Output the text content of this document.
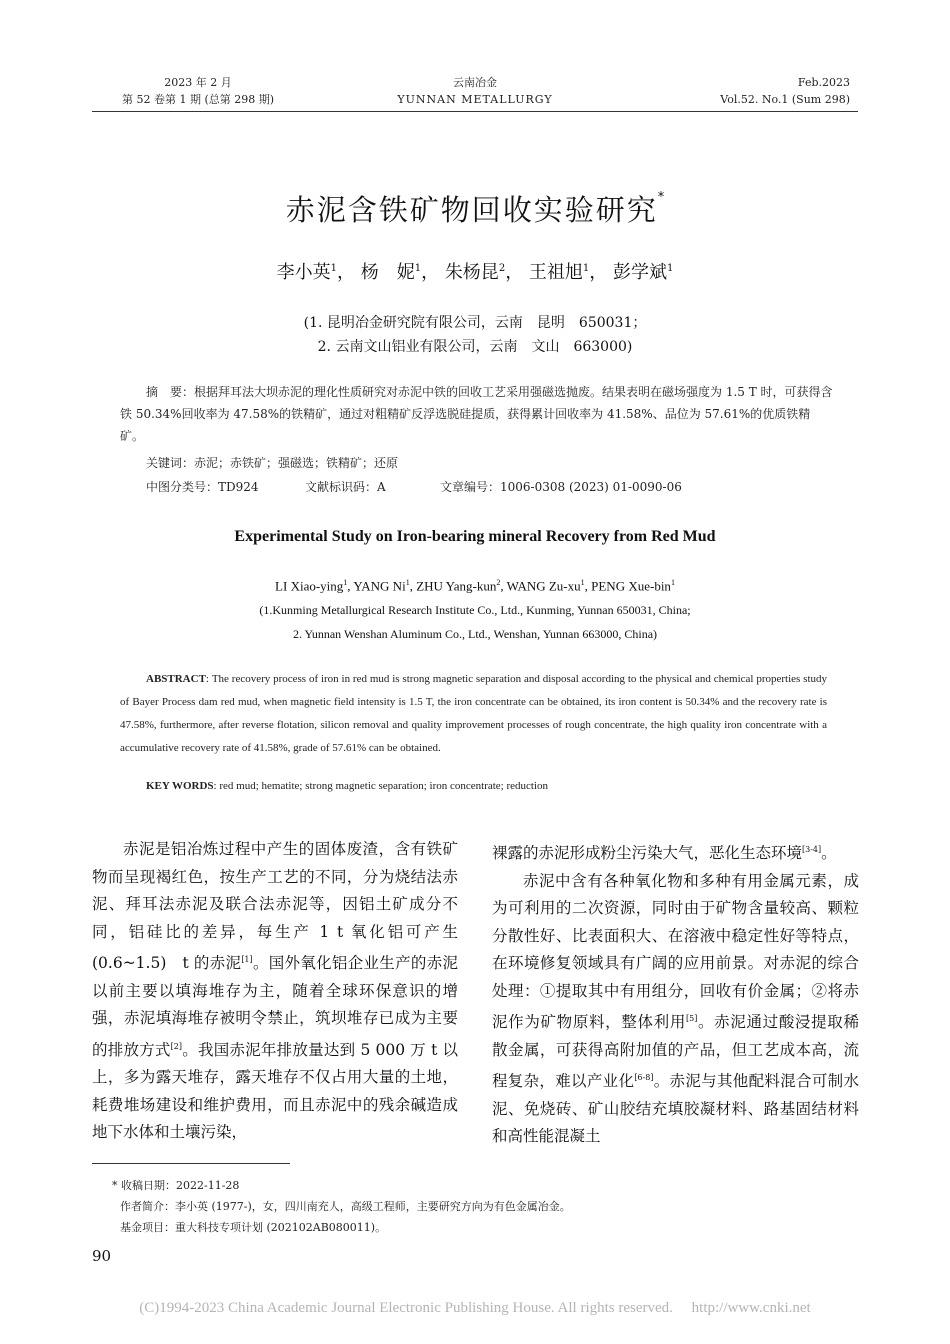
2023 年 2 月
第 52 卷第 1 期 (总第 298 期)
云南冶金
YUNNAN METALLURGY
Feb.2023
Vol.52. No.1 (Sum 298)
赤泥含铁矿物回收实验研究*
李小英$^1$， 杨　妮$^1$， 朱杨昆$^2$， 王祖旭$^1$， 彭学斌$^1$
(1. 昆明冶金研究院有限公司，云南　昆明　650031；
2. 云南文山铝业有限公司，云南　文山　663000)

摘　要：根据拜耳法大坝赤泥的理化性质研究对赤泥中铁的回收工艺采用强磁选抛废。结果表明在磁场强度为 1.5 T 时，可获得含铁 50.34%回收率为 47.58%的铁精矿，通过对粗精矿反浮选脱硅提质，获得累计回收率为 41.58%、品位为 57.61%的优质铁精矿。

关键词：赤泥；赤铁矿；强磁选；铁精矿；还原
中图分类号：TD924	文献标识码：A	文章编号：1006-0308 (2023) 01-0090-06
Experimental Study on Iron-bearing mineral Recovery from Red Mud
LI Xiao-ying$^1$, YANG Ni$^1$, ZHU Yang-kun$^2$, WANG $Zu-xu^1$, PENG Xue-bin$^1$
(1.Kunming Metallurgical Research Institute Co., Ltd., Kunming, Yunnan 650031, China;
2. Yunnan Wenshan Aluminum Co., Ltd., Wenshan, Yunnan 663000, China)

ABSTRACT: The recovery process of iron in red mud is strong magnetic separation and disposal according to the physical and chemical properties study of Bayer Process dam red mud, when magnetic field intensity is 1.5 T, the iron concentrate can be obtained, its iron content is 50.34% and the recovery rate is 47.58%, furthermore, after reverse flotation, silicon removal and quality improvement processes of rough concentrate, the high quality iron concentrate with a accumulative recovery rate of 41.58%, grade of 57.61% can be obtained.

KEY WORDS: red mud; hematite; strong magnetic separation; iron concentrate; reduction

赤泥是铝冶炼过程中产生的固体废渣，含有铁矿物而呈现褐红色，按生产工艺的不同，分为烧结法赤泥、拜耳法赤泥及联合法赤泥等，因铝土矿成分不同，铝硅比的差异，每生产 1 t 氧化铝可产生　(0.6~1.5)　t 的赤泥[1]。国外氧化铝企业生产的赤泥以前主要以填海堆存为主，随着全球环保意识的增强，赤泥填海堆存被明令禁止，筑坝堆存已成为主要的排放方式[2]。我国赤泥年排放量达到 5 000 万 t 以上，多为露天堆存，露天堆存不仅占用大量的土地，耗费堆场建设和维护费用，而且赤泥中的残余碱造成地下水体和土壤污染，

裸露的赤泥形成粉尘污染大气，恶化生态环境[3-4]。

赤泥中含有各种氧化物和多种有用金属元素，成为可利用的二次资源，同时由于矿物含量较高、颗粒分散性好、比表面积大、在溶液中稳定性好等特点，在环境修复领域具有广阔的应用前景。对赤泥的综合处理：①提取其中有用组分，回收有价金属；②将赤泥作为矿物原料，整体利用[5]。赤泥通过酸浸提取稀散金属，可获得高附加值的产品，但工艺成本高，流程复杂，难以产业化[6-8]。赤泥与其他配料混合可制水泥、免烧砖、矿山胶结充填胶凝材料、路基固结材料和高性能混凝土

* 收稿日期：2022-11-28
作者简介：李小英 (1977-)，女，四川南充人，高级工程师，主要研究方向为有色金属冶金。
基金项目：重大科技专项计划 (202102AB080011)。
90
(C)1994-2023 China Academic Journal Electronic Publishing House. All rights reserved.　 http://www.cnki.net
